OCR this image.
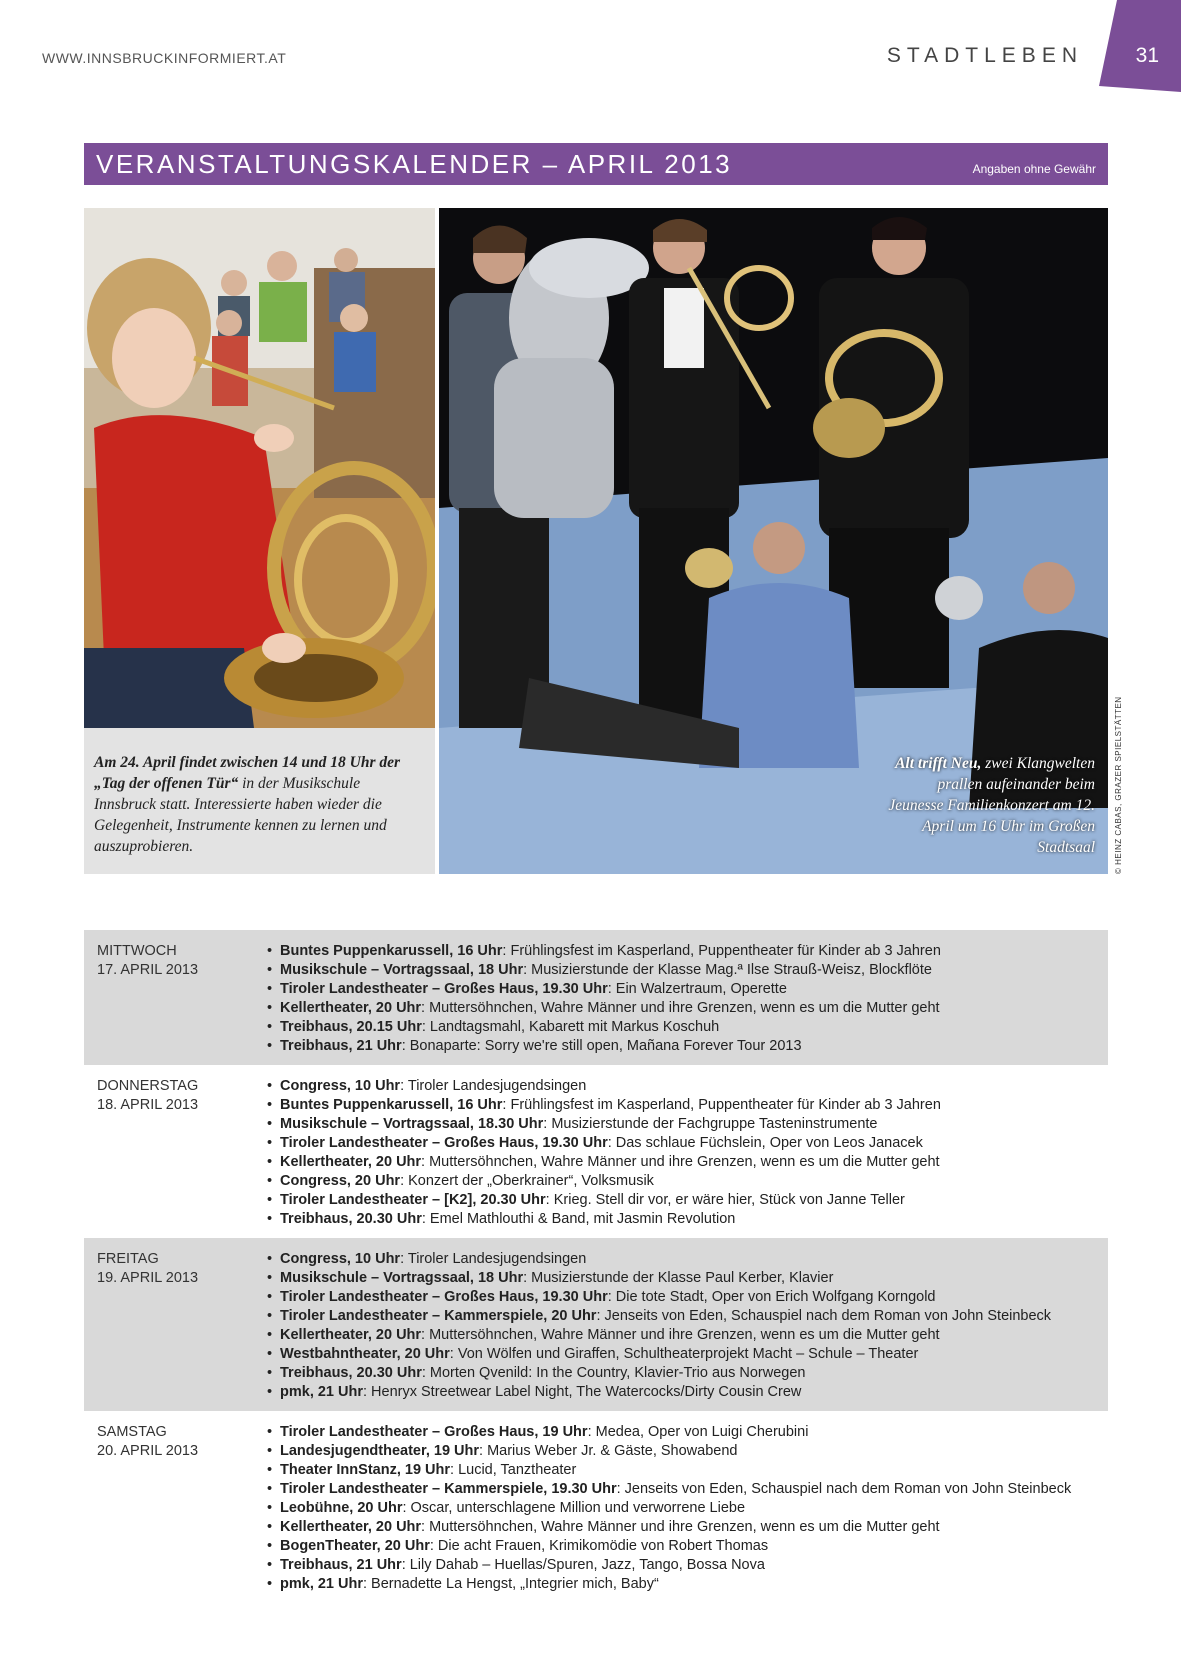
WWW.INNSBRUCKINFORMIERT.AT	STADTLEBEN	31
VERANSTALTUNGSKALENDER – APRIL 2013	Angaben ohne Gewähr
Am 24. April findet zwischen 14 und 18 Uhr der „Tag der offenen Tür“ in der Musikschule Innsbruck statt. Interessierte haben wieder die Gelegenheit, Instrumente kennen zu lernen und auszuprobieren.
Alt trifft Neu, zwei Klangwelten prallen aufeinander beim Jeunesse Familienkonzert am 12. April um 16 Uhr im Großen Stadtsaal © HEINZ CABAS, GRAZER SPIELSTÄTTEN
MITTWOCH
17. APRIL 2013
• Buntes Puppenkarussell, 16 Uhr: Frühlingsfest im Kasperland, Puppentheater für Kinder ab 3 Jahren
• Musikschule – Vortragssaal, 18 Uhr: Musizierstunde der Klasse Mag.ª Ilse Strauß-Weisz, Blockflöte
• Tiroler Landestheater – Großes Haus, 19.30 Uhr: Ein Walzertraum, Operette
• Kellertheater, 20 Uhr: Muttersöhnchen, Wahre Männer und ihre Grenzen, wenn es um die Mutter geht
• Treibhaus, 20.15 Uhr: Landtagsmahl, Kabarett mit Markus Koschuh
• Treibhaus, 21 Uhr: Bonaparte: Sorry we're still open, Mañana Forever Tour 2013
DONNERSTAG
18. APRIL 2013
• Congress, 10 Uhr: Tiroler Landesjugendsingen
• Buntes Puppenkarussell, 16 Uhr: Frühlingsfest im Kasperland, Puppentheater für Kinder ab 3 Jahren
• Musikschule – Vortragssaal, 18.30 Uhr: Musizierstunde der Fachgruppe Tasteninstrumente
• Tiroler Landestheater – Großes Haus, 19.30 Uhr: Das schlaue Füchslein, Oper von Leos Janacek
• Kellertheater, 20 Uhr: Muttersöhnchen, Wahre Männer und ihre Grenzen, wenn es um die Mutter geht
• Congress, 20 Uhr: Konzert der „Oberkrainer“, Volksmusik
• Tiroler Landestheater – [K2], 20.30 Uhr: Krieg. Stell dir vor, er wäre hier, Stück von Janne Teller
• Treibhaus, 20.30 Uhr: Emel Mathlouthi & Band, mit Jasmin Revolution
FREITAG
19. APRIL 2013
• Congress, 10 Uhr: Tiroler Landesjugendsingen
• Musikschule – Vortragssaal, 18 Uhr: Musizierstunde der Klasse Paul Kerber, Klavier
• Tiroler Landestheater – Großes Haus, 19.30 Uhr: Die tote Stadt, Oper von Erich Wolfgang Korngold
• Tiroler Landestheater – Kammerspiele, 20 Uhr: Jenseits von Eden, Schauspiel nach dem Roman von John Steinbeck
• Kellertheater, 20 Uhr: Muttersöhnchen, Wahre Männer und ihre Grenzen, wenn es um die Mutter geht
• Westbahntheater, 20 Uhr: Von Wölfen und Giraffen, Schultheaterprojekt Macht – Schule – Theater
• Treibhaus, 20.30 Uhr: Morten Qvenild: In the Country, Klavier-Trio aus Norwegen
• pmk, 21 Uhr: Henryx Streetwear Label Night, The Watercocks/Dirty Cousin Crew
SAMSTAG
20. APRIL 2013
• Tiroler Landestheater – Großes Haus, 19 Uhr: Medea, Oper von Luigi Cherubini
• Landesjugendtheater, 19 Uhr: Marius Weber Jr. & Gäste, Showabend
• Theater InnStanz, 19 Uhr: Lucid, Tanztheater
• Tiroler Landestheater – Kammerspiele, 19.30 Uhr: Jenseits von Eden, Schauspiel nach dem Roman von John Steinbeck
• Leobühne, 20 Uhr: Oscar, unterschlagene Million und verworrene Liebe
• Kellertheater, 20 Uhr: Muttersöhnchen, Wahre Männer und ihre Grenzen, wenn es um die Mutter geht
• BogenTheater, 20 Uhr: Die acht Frauen, Krimikomödie von Robert Thomas
• Treibhaus, 21 Uhr: Lily Dahab – Huellas/Spuren, Jazz, Tango, Bossa Nova
• pmk, 21 Uhr: Bernadette La Hengst, „Integrier mich, Baby“
